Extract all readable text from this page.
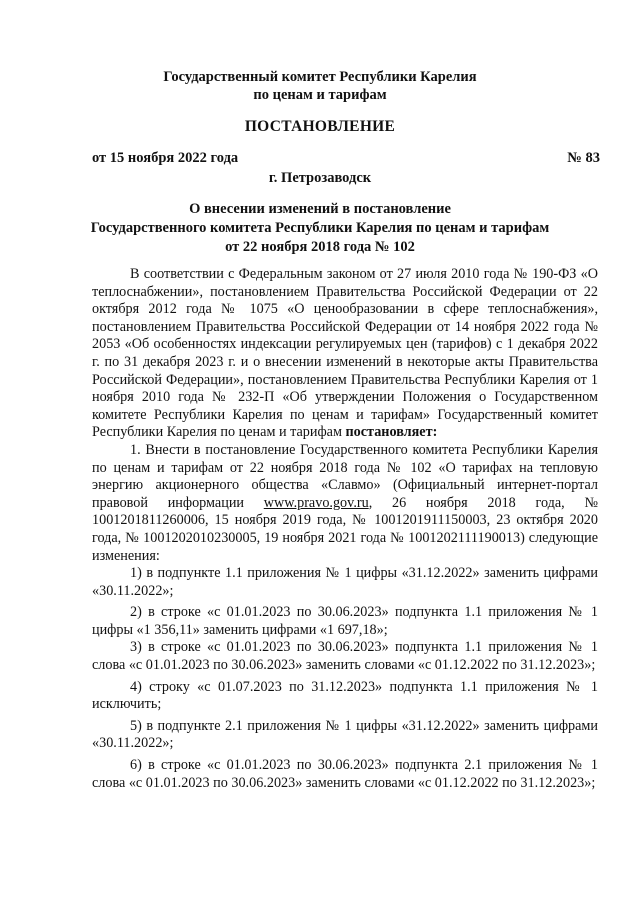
Государственный комитет Республики Карелия
по ценам и тарифам
ПОСТАНОВЛЕНИЕ
от 15 ноября 2022 года	№ 83
г. Петрозаводск
О внесении изменений в постановление
Государственного комитета Республики Карелия по ценам и тарифам
от 22 ноября 2018 года № 102

В соответствии с Федеральным законом от 27 июля 2010 года № 190-ФЗ «О теплоснабжении», постановлением Правительства Российской Федерации от 22 октября 2012 года № 1075 «О ценообразовании в сфере теплоснабжения», постановлением Правительства Российской Федерации от 14 ноября 2022 года № 2053 «Об особенностях индексации регулируемых цен (тарифов) с 1 декабря 2022 г. по 31 декабря 2023 г. и о внесении изменений в некоторые акты Правительства Российской Федерации», постановлением Правительства Республики Карелия от 1 ноября 2010 года № 232-П «Об утверждении Положения о Государственном комитете Республики Карелия по ценам и тарифам» Государственный комитет Республики Карелия по ценам и тарифам постановляет:

1. Внести в постановление Государственного комитета Республики Карелия по ценам и тарифам от 22 ноября 2018 года № 102 «О тарифах на тепловую энергию акционерного общества «Славмо» (Официальный интернет-портал правовой информации www.pravo.gov.ru, 26 ноября 2018 года, № 1001201811260006, 15 ноября 2019 года, № 1001201911150003, 23 октября 2020 года, № 1001202010230005, 19 ноября 2021 года № 1001202111190013) следующие изменения:

1) в подпункте 1.1 приложения № 1 цифры «31.12.2022» заменить цифрами «30.11.2022»;

2) в строке «с 01.01.2023 по 30.06.2023» подпункта 1.1 приложения № 1 цифры «1 356,11» заменить цифрами «1 697,18»;

3) в строке «с 01.01.2023 по 30.06.2023» подпункта 1.1 приложения № 1 слова «с 01.01.2023 по 30.06.2023» заменить словами «с 01.12.2022 по 31.12.2023»;

4) строку «с 01.07.2023 по 31.12.2023» подпункта 1.1 приложения № 1 исключить;

5) в подпункте 2.1 приложения № 1 цифры «31.12.2022» заменить цифрами «30.11.2022»;

6) в строке «с 01.01.2023 по 30.06.2023» подпункта 2.1 приложения № 1 слова «с 01.01.2023 по 30.06.2023» заменить словами «с 01.12.2022 по 31.12.2023»;
